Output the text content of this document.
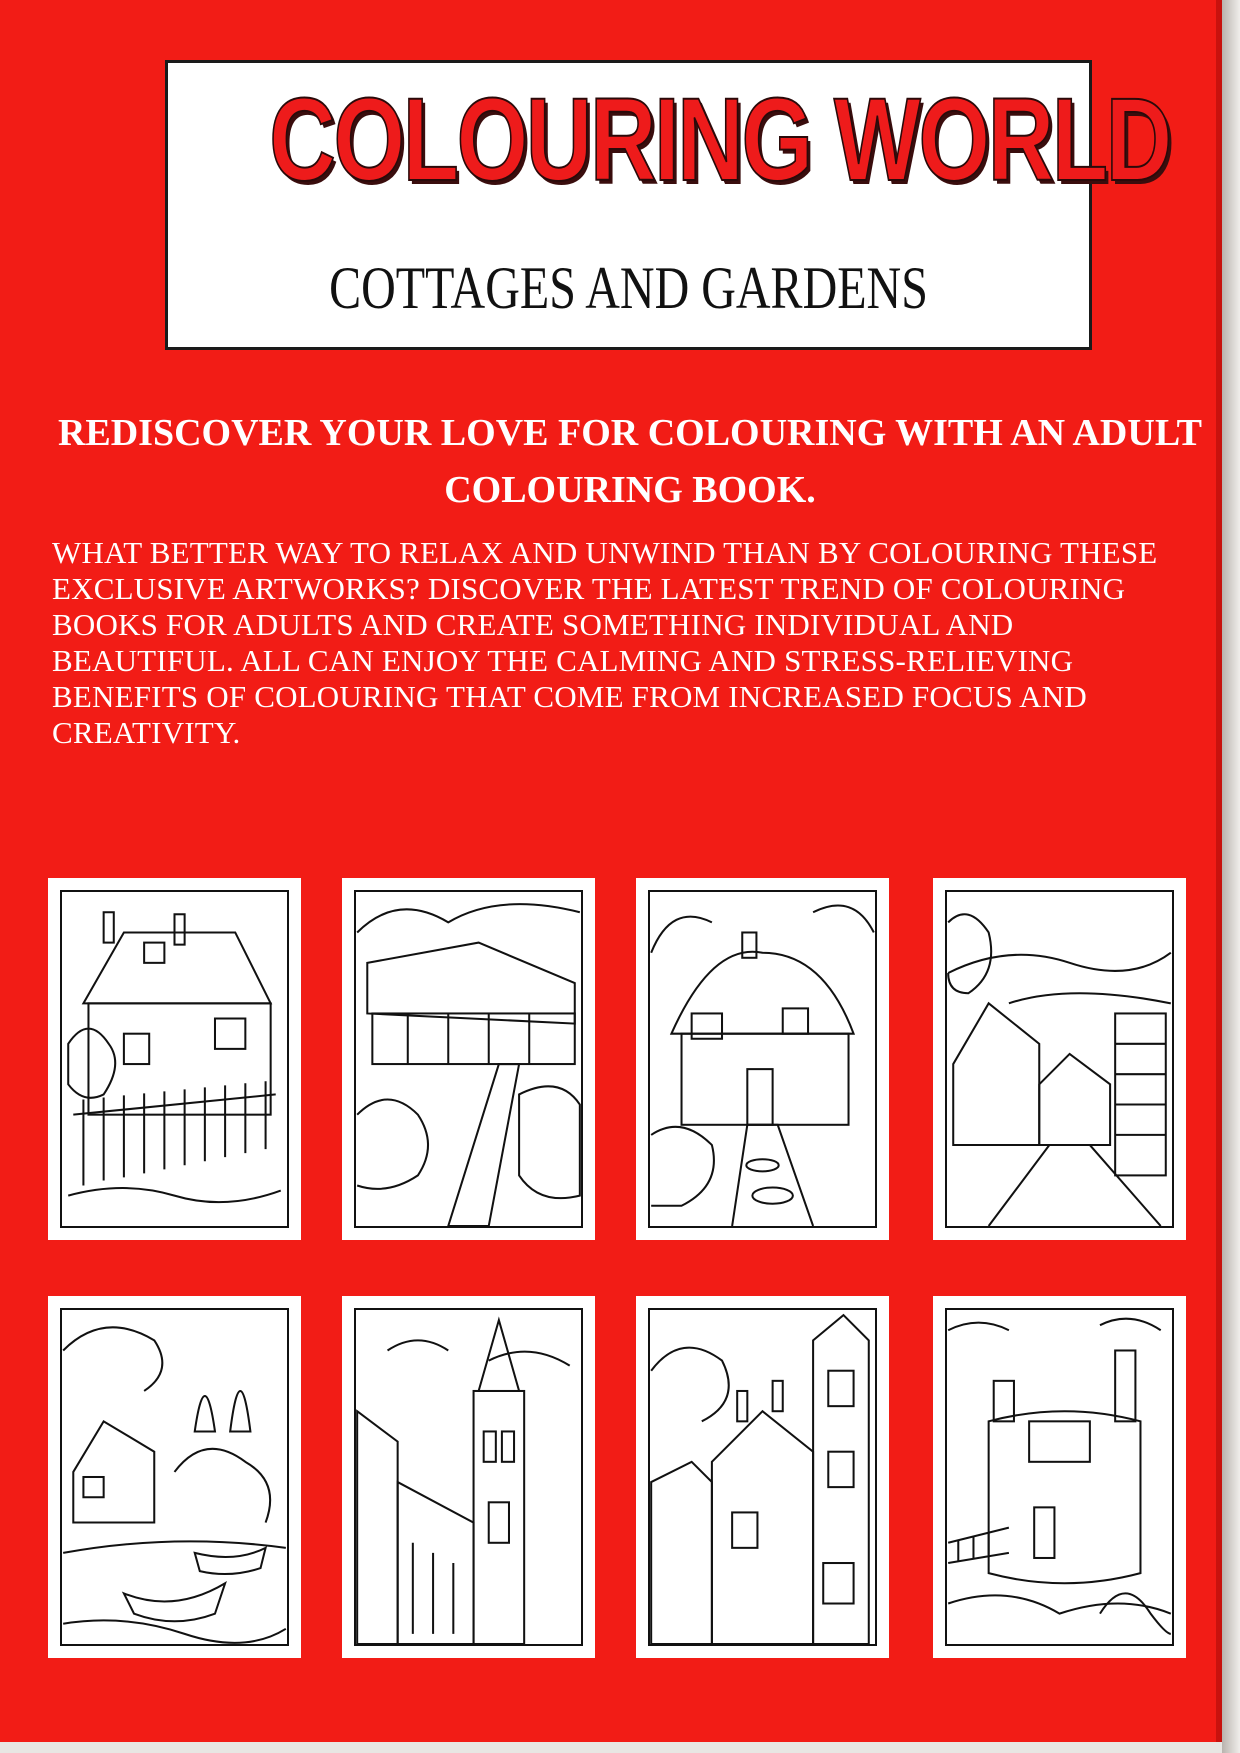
COLOURING WORLD
COTTAGES AND GARDENS
REDISCOVER YOUR LOVE FOR COLOURING WITH AN ADULT COLOURING BOOK.
WHAT BETTER WAY TO RELAX AND UNWIND THAN BY COLOURING THESE EXCLUSIVE ARTWORKS? DISCOVER THE LATEST TREND OF COLOURING BOOKS FOR ADULTS AND CREATE SOMETHING INDIVIDUAL AND BEAUTIFUL. ALL CAN ENJOY THE CALMING AND STRESS-RELIEVING BENEFITS OF COLOURING THAT COME FROM INCREASED FOCUS AND CREATIVITY.
